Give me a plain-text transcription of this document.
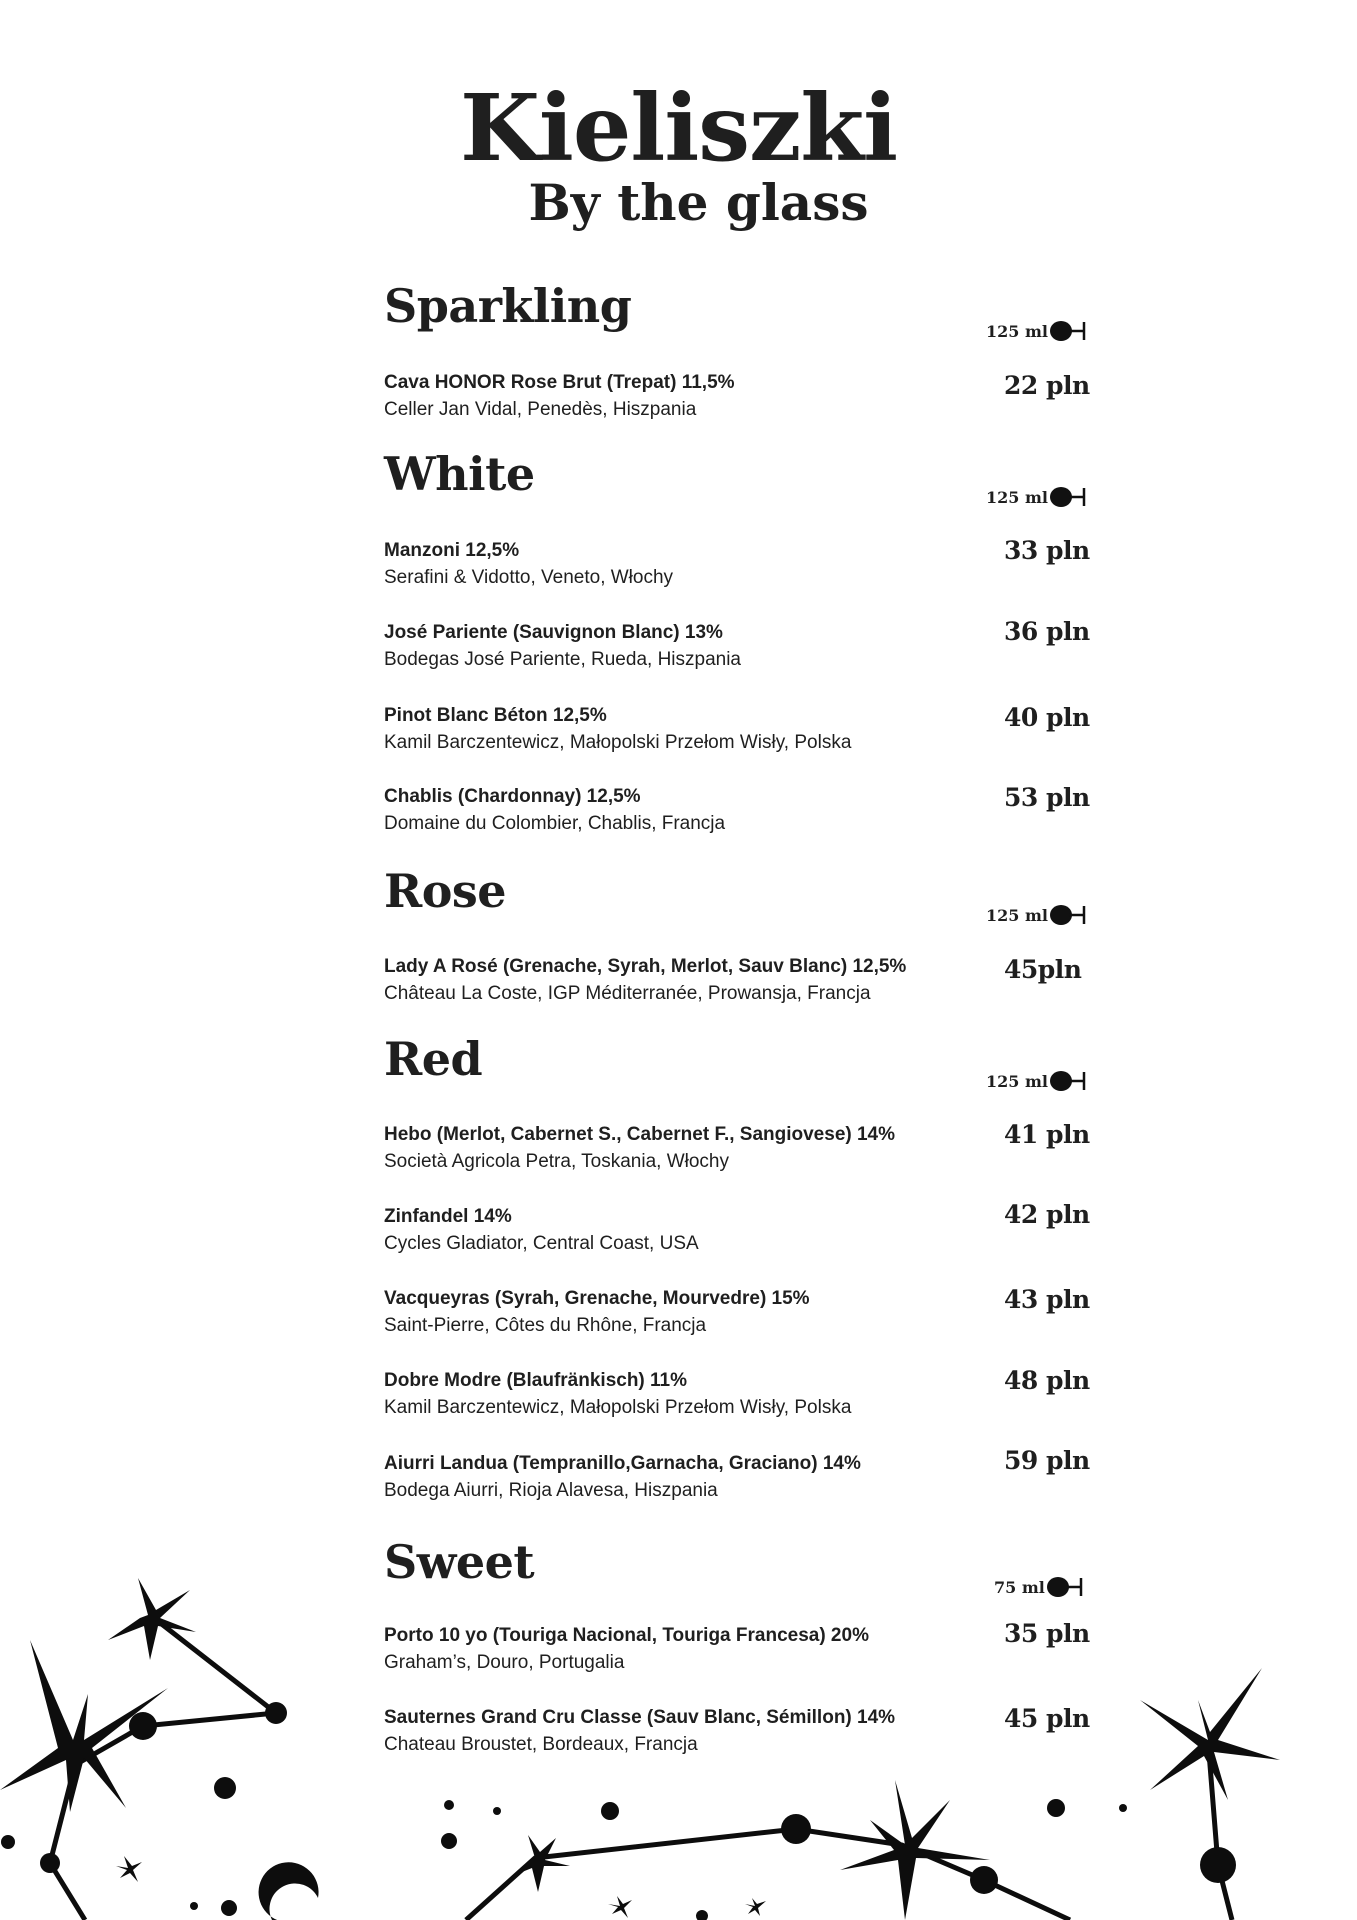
Kieliszki
By the glass
Sparkling	125 ml
Cava HONOR Rose Brut (Trepat) 11,5%
Celler Jan Vidal, Penedès, Hiszpania
22 pln
White	125 ml
Manzoni 12,5%
Serafini & Vidotto, Veneto, Włochy
33 pln
José Pariente (Sauvignon Blanc) 13%
Bodegas José Pariente, Rueda, Hiszpania
36 pln
Pinot Blanc Béton 12,5%
Kamil Barczentewicz, Małopolski Przełom Wisły, Polska
40 pln
Chablis (Chardonnay) 12,5%
Domaine du Colombier, Chablis, Francja
53 pln
Rose	125 ml
Lady A Rosé (Grenache, Syrah, Merlot, Sauv Blanc) 12,5%
Château La Coste, IGP Méditerranée, Prowansja, Francja
45pln
Red	125 ml
Hebo (Merlot, Cabernet S., Cabernet F., Sangiovese) 14%
Società Agricola Petra, Toskania, Włochy
41 pln
Zinfandel 14%
Cycles Gladiator, Central Coast, USA
42 pln
Vacqueyras (Syrah, Grenache, Mourvedre) 15%
Saint-Pierre, Côtes du Rhône, Francja
43 pln
Dobre Modre (Blaufränkisch) 11%
Kamil Barczentewicz, Małopolski Przełom Wisły, Polska
48 pln
Aiurri Landua (Tempranillo,Garnacha, Graciano) 14%
Bodega Aiurri, Rioja Alavesa, Hiszpania
59 pln
Sweet	75 ml
Porto 10 yo (Touriga Nacional, Touriga Francesa) 20%
Graham’s, Douro, Portugalia
35 pln
Sauternes Grand Cru Classe (Sauv Blanc, Sémillon) 14%
Chateau Broustet, Bordeaux, Francja
45 pln
